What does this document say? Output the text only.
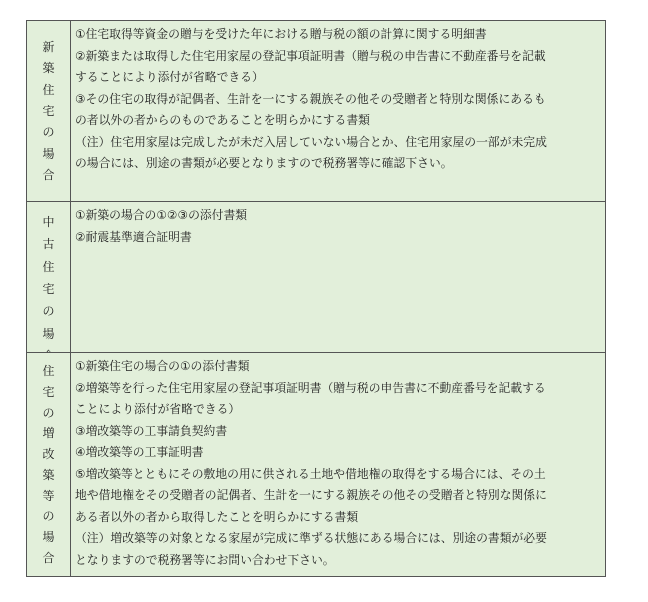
新
築
住
宅
の
場
合
①住宅取得等資金の贈与を受けた年における贈与税の額の計算に関する明細書
②新築または取得した住宅用家屋の登記事項証明書（贈与税の申告書に不動産番号を記載
することにより添付が省略できる）
③その住宅の取得が記偶者、生計を一にする親族その他その受贈者と特別な関係にあるも
の者以外の者からのものであることを明らかにする書類
（注）住宅用家屋は完成したが未だ入居していない場合とか、住宅用家屋の一部が未完成
の場合には、別途の書類が必要となりますので税務署等に確認下さい。
中
古
住
宅
の
場
①新築の場合の①②③の添付書類
②耐震基準適合証明書
住
宅
の
増
改
築
等
の
場
合
①新築住宅の場合の①の添付書類
②増築等を行った住宅用家屋の登記事項証明書（贈与税の申告書に不動産番号を記載する
ことにより添付が省略できる）
③増改築等の工事請負契約書
④増改築等の工事証明書
⑤増改築等とともにその敷地の用に供される土地や借地権の取得をする場合には、その土
地や借地権をその受贈者の記偶者、生計を一にする親族その他その受贈者と特別な関係に
ある者以外の者から取得したことを明らかにする書類
（注）増改築等の対象となる家屋が完成に準ずる状態にある場合には、別途の書類が必要
となりますので税務署等にお問い合わせ下さい。
